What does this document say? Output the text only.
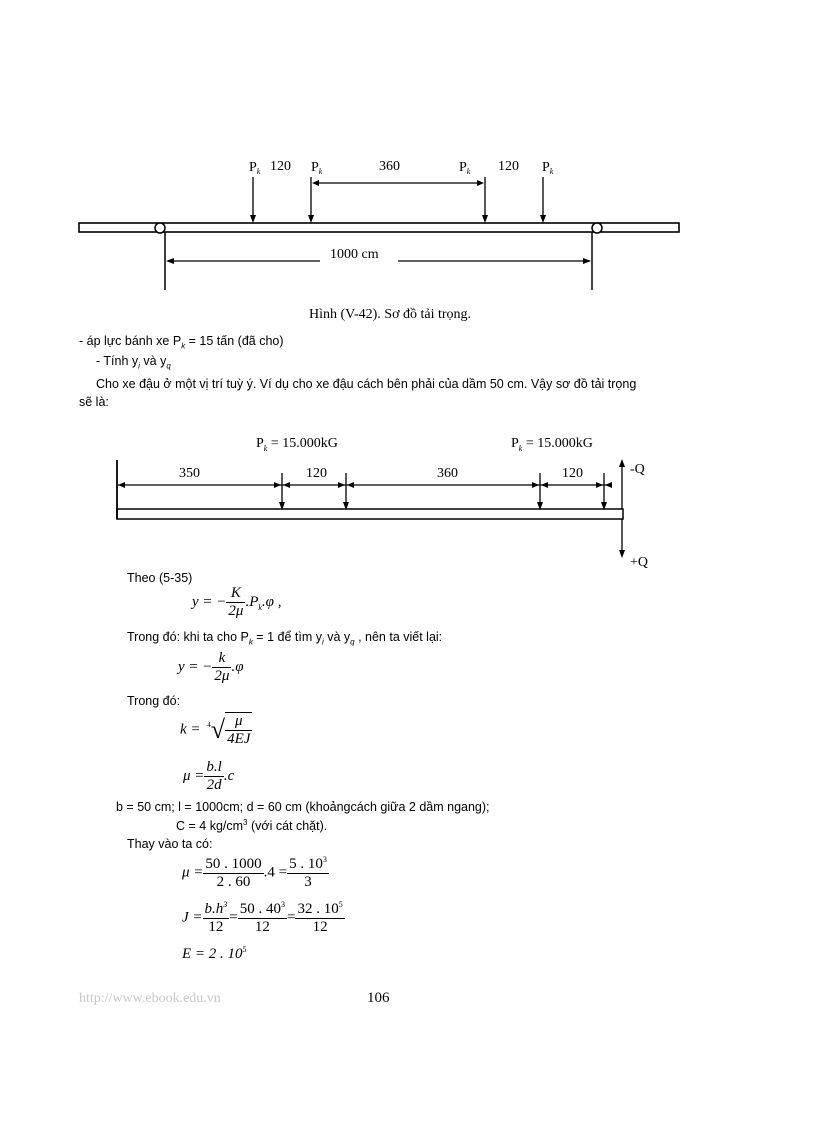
1000 cm
$P_k$ 120 $P_k$	360	$P_k$ 120 $P_k$
Hình (V-42). Sơ đồ tải trọng.
- áp lực bánh xe $P_k = 15$ tấn (đã cho)
- Tính $y_i$ và $y_q$
Cho xe đậu ở một vị trí tuỳ ý. Ví dụ cho xe đậu cách bên phải của dầm 50 cm. Vậy sơ đồ tải trọng
sẽ là:
$P_k = 15.000kG$	$P_k = 15.000kG$
350	120	360	120	-Q
+Q
Theo (5-35)
y = − $\frac{K}{2\mu} .P_k.\varphi$ ,
Trong đó: khi ta cho $P_k = 1$ để tìm $y_i$ và $y_q$ , nên ta viết lại:
y = − $\frac{k}{2\mu} .\varphi$
Trong đó:
$k = ^4√ \frac{\mu}{4EJ}$
$\mu = \frac{b.l}{2d} .c$
b = 50 cm; l = 1000cm; d = 60 cm (khoảngcách giữa 2 dầm ngang);
C = 4 $kg/cm^3$ (với cát chặt).
Thay vào ta có:
$\mu = \frac{50 . 1000}{2 . 60} .4 = \frac{5 . 10^3}{3}$
$J = \frac{b.h^3}{12} = \frac{50 . 40^3}{12} = \frac{32 . 10^5}{12}$
E = 2 . $10^5$
http://www.ebook.edu.vn	106
